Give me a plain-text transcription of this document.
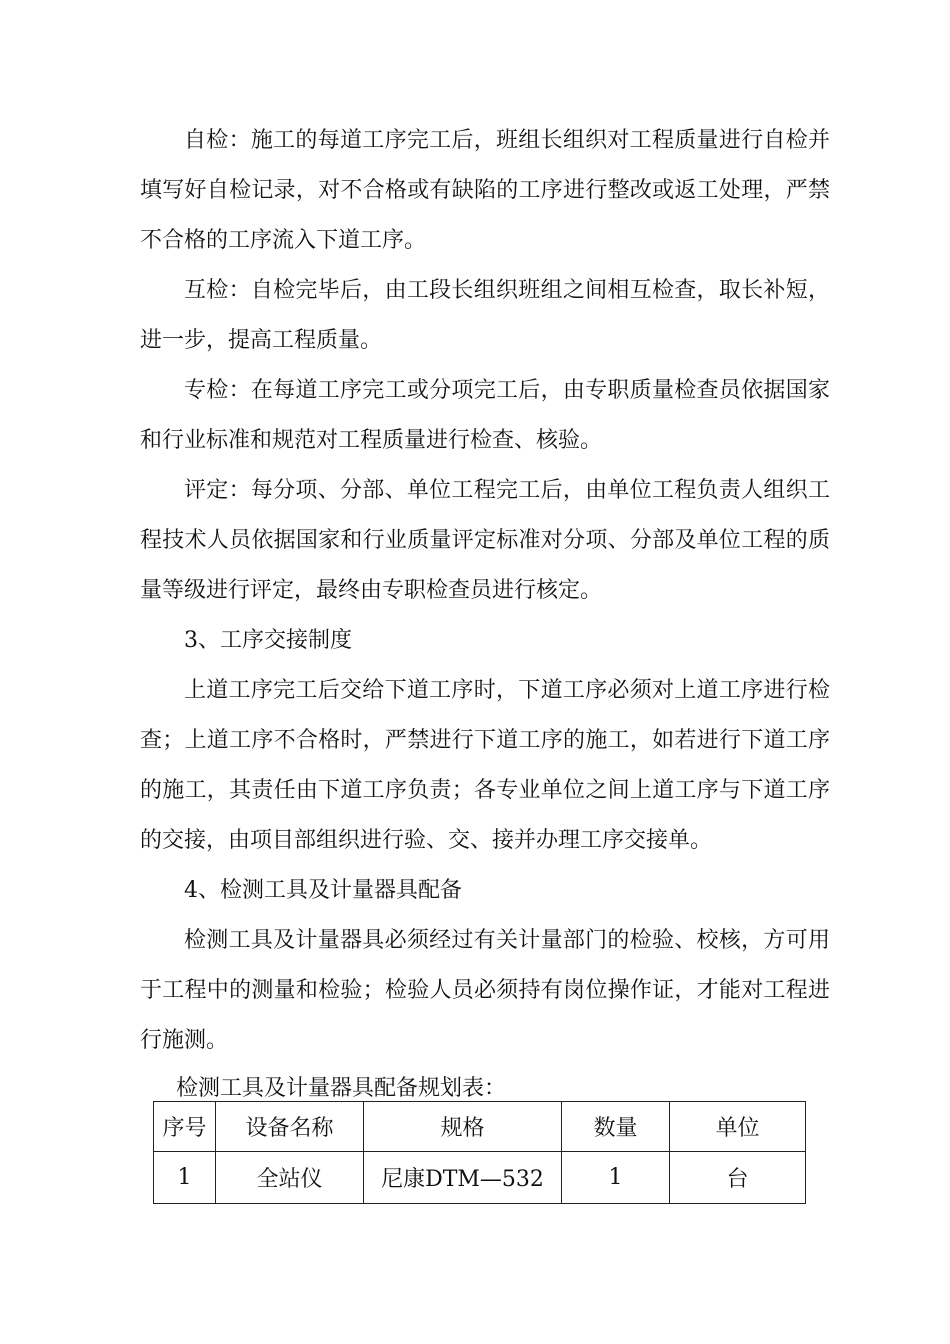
自检：施工的每道工序完工后，班组长组织对工程质量进行自检并填写好自检记录，对不合格或有缺陷的工序进行整改或返工处理，严禁不合格的工序流入下道工序。

互检：自检完毕后，由工段长组织班组之间相互检查，取长补短，进一步，提高工程质量。

专检：在每道工序完工或分项完工后，由专职质量检查员依据国家和行业标准和规范对工程质量进行检查、核验。

评定：每分项、分部、单位工程完工后，由单位工程负责人组织工程技术人员依据国家和行业质量评定标准对分项、分部及单位工程的质量等级进行评定，最终由专职检查员进行核定。

3、工序交接制度

上道工序完工后交给下道工序时，下道工序必须对上道工序进行检查；上道工序不合格时，严禁进行下道工序的施工，如若进行下道工序的施工，其责任由下道工序负责；各专业单位之间上道工序与下道工序的交接，由项目部组织进行验、交、接并办理工序交接单。

4、检测工具及计量器具配备

检测工具及计量器具必须经过有关计量部门的检验、校核，方可用于工程中的测量和检验；检验人员必须持有岗位操作证，才能对工程进行施测。

检测工具及计量器具配备规划表：

序号	设备名称	规格	数量	单位
1	全站仪	尼康DTM—532	1	台
